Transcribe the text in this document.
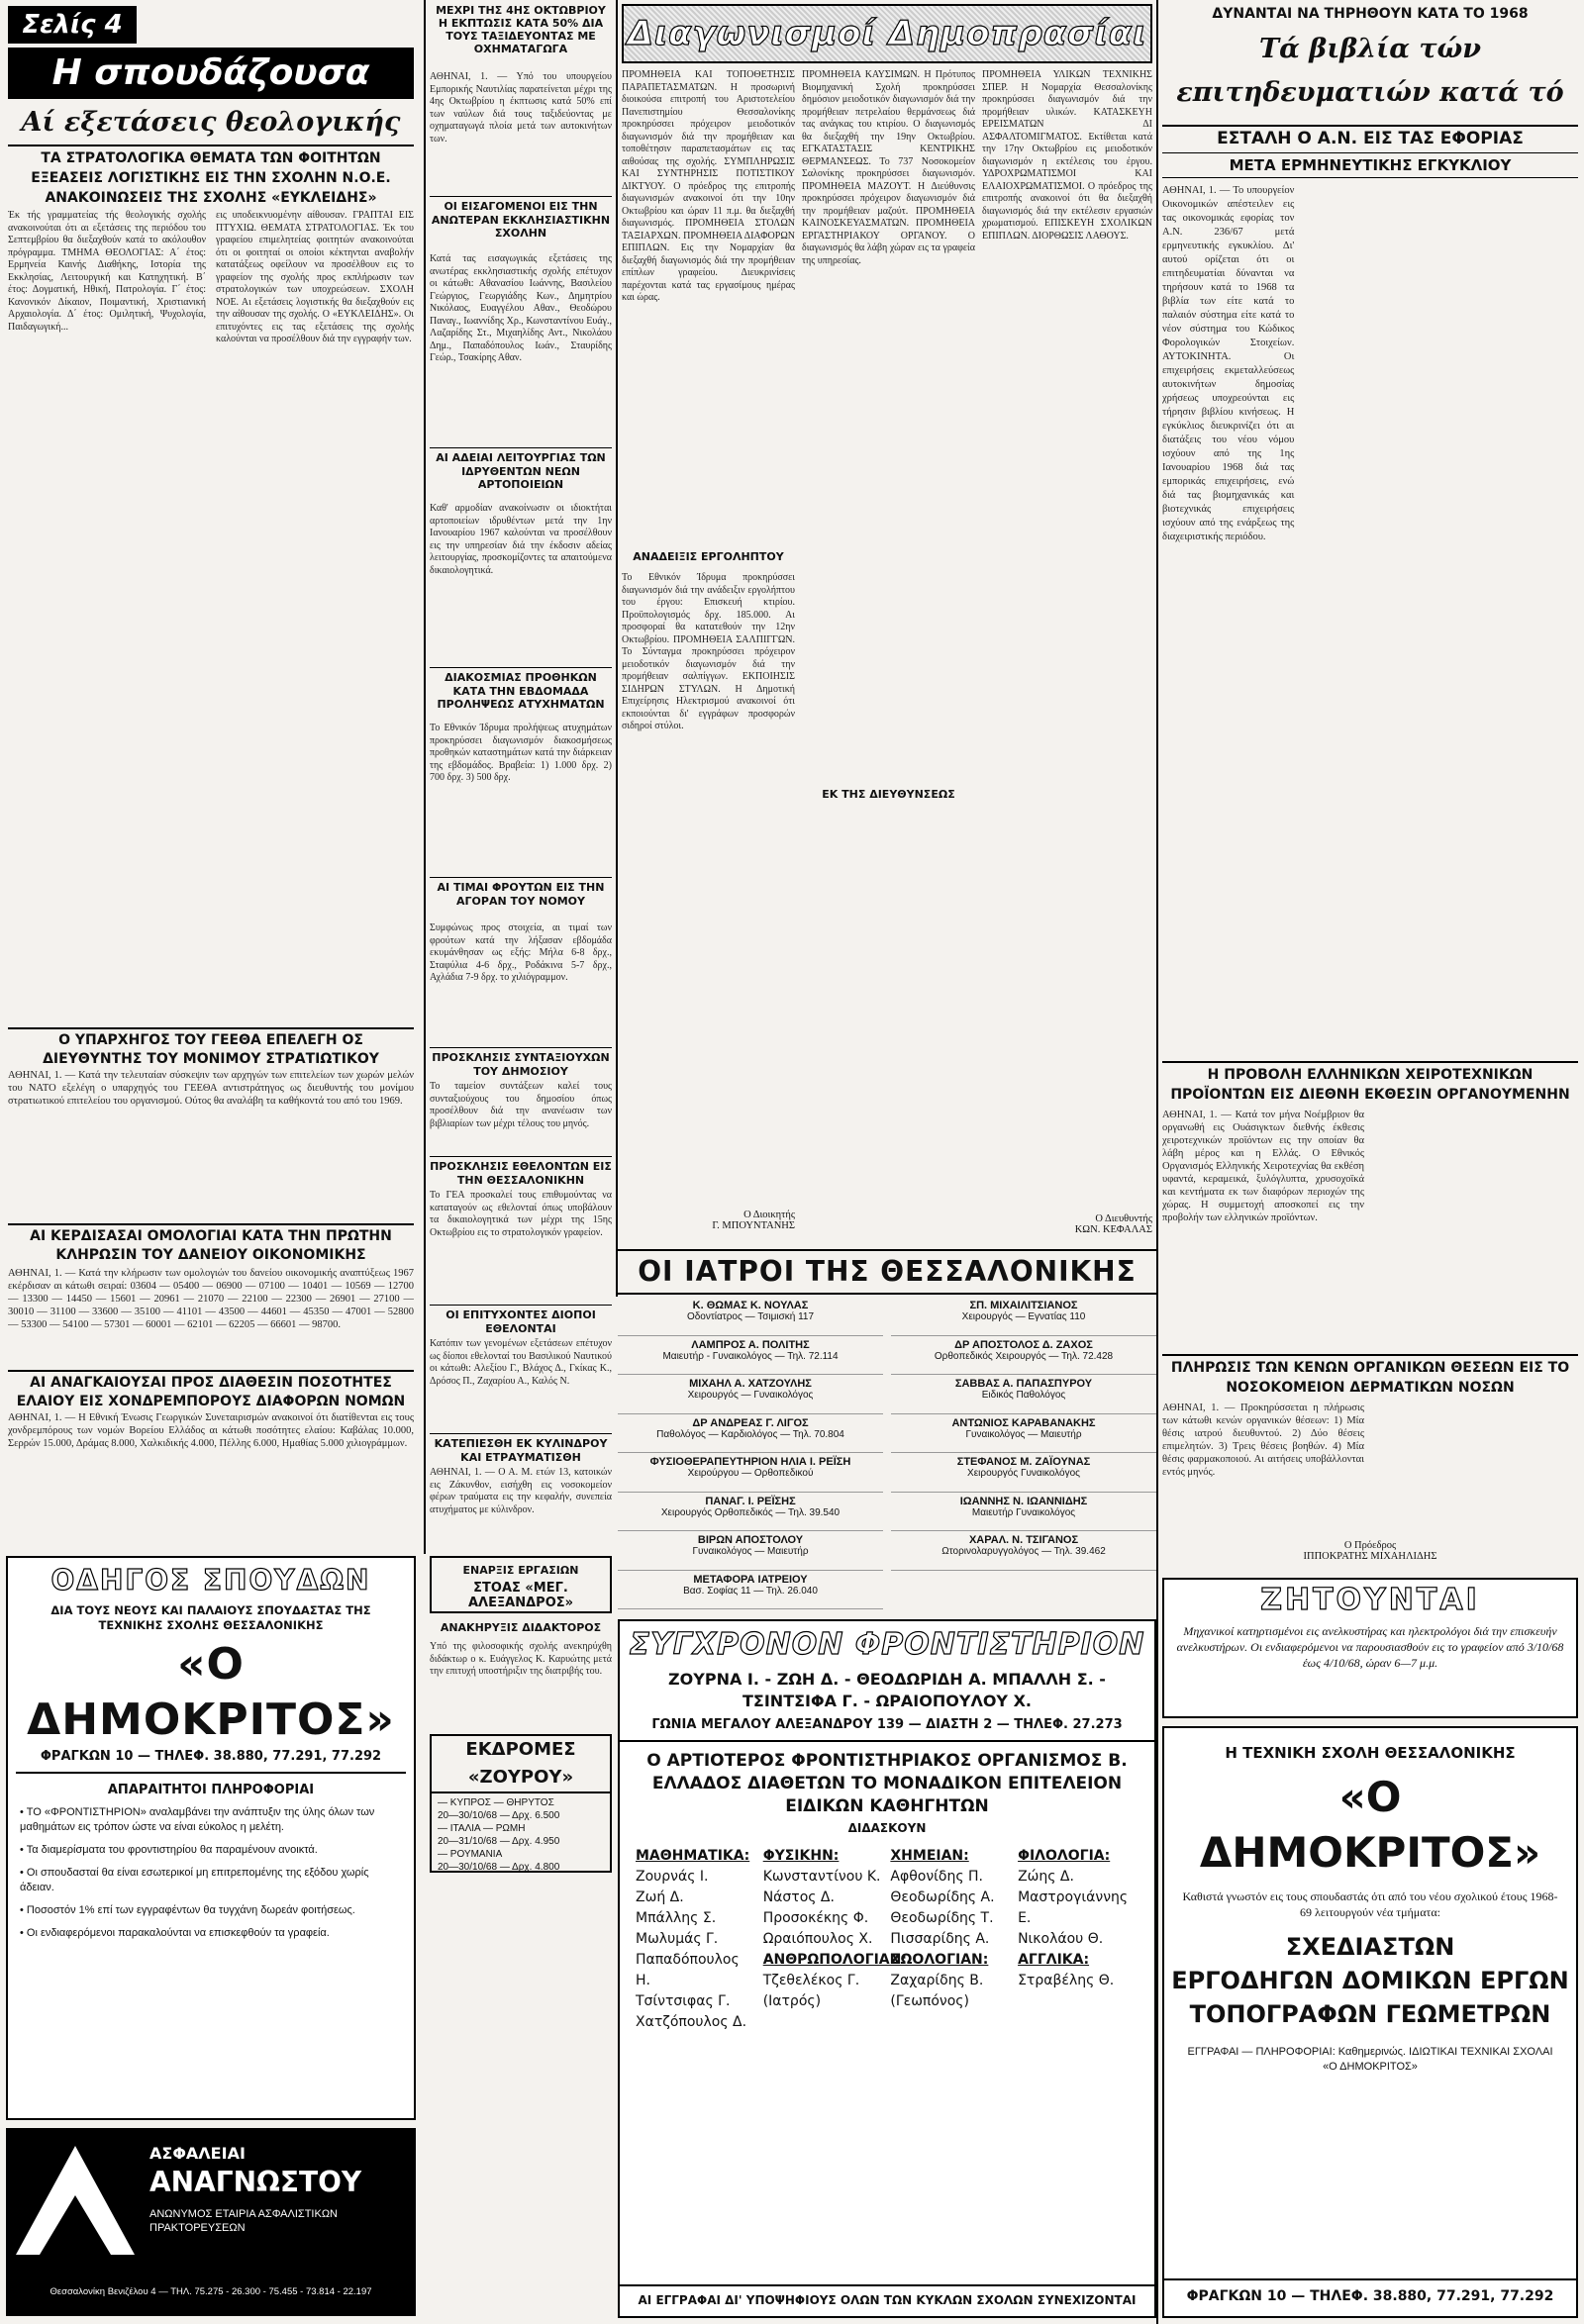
Σελίς 4
Η σπουδάζουσα
Αί εξετάσεις θεολογικής
ΤΑ ΣΤΡΑΤΟΛΟΓΙΚΑ ΘΕΜΑΤΑ ΤΩΝ ΦΟΙΤΗΤΩΝ ΕΞΕΑΣΕΙΣ ΛΟΓΙΣΤΙΚΗΣ ΕΙΣ ΤΗΝ ΣΧΟΛΗΝ Ν.Ο.Ε. ΑΝΑΚΟΙΝΩΣΕΙΣ ΤΗΣ ΣΧΟΛΗΣ «ΕΥΚΛΕΙΔΗΣ»
Έκ τής γραμματείας τής θεολογικής σχολής ανακοινούται ότι αι εξετάσεις της περιόδου του Σεπτεμβρίου θα διεξαχθούν κατά το ακόλουθον πρόγραμμα. ΤΜΗΜΑ ΘΕΟΛΟΓΙΑΣ: Α΄ έτος: Ερμηνεία Καινής Διαθήκης, Ιστορία της Εκκλησίας, Λειτουργική και Κατηχητική. Β΄ έτος: Δογματική, Ηθική, Πατρολογία. Γ΄ έτος: Κανονικόν Δίκαιον, Ποιμαντική, Χριστιανική Αρχαιολογία. Δ΄ έτος: Ομιλητική, Ψυχολογία, Παιδαγωγική...
εις υποδεικνυομένην αίθουσαν. ΓΡΑΠΤΑΙ ΕΙΣ ΠΤΥΧΙΩ. ΘΕΜΑΤΑ ΣΤΡΑΤΟΛΟΓΙΑΣ. Έκ του γραφείου επιμελητείας φοιτητών ανακοινούται ότι οι φοιτηταί οι οποίοι κέκτηνται αναβολήν κατατάξεως οφείλουν να προσέλθουν εις το γραφείον της σχολής προς εκπλήρωσιν των στρατολογικών των υποχρεώσεων. ΣΧΟΛΗ ΝΟΕ. Αι εξετάσεις λογιστικής θα διεξαχθούν εις την αίθουσαν της σχολής. Ο «ΕΥΚΛΕΙΔΗΣ». Οι επιτυχόντες εις τας εξετάσεις της σχολής καλούνται να προσέλθουν διά την εγγραφήν των.
Ο ΥΠΑΡΧΗΓΟΣ ΤΟΥ ΓΕΕΘΑ ΕΠΕΛΕΓΗ ΟΣ ΔΙΕΥΘΥΝΤΗΣ ΤΟΥ ΜΟΝΙΜΟΥ ΣΤΡΑΤΙΩΤΙΚΟΥ
ΑΘΗΝΑΙ, 1. — Κατά την τελευταίαν σύσκεψιν των αρχηγών των επιτελείων των χωρών μελών του ΝΑΤΟ εξελέγη ο υπαρχηγός του ΓΕΕΘΑ αντιστράτηγος ως διευθυντής του μονίμου στρατιωτικού επιτελείου του οργανισμού. Ούτος θα αναλάβη τα καθήκοντά του από του 1969.
ΑΙ ΚΕΡΔΙΣΑΣΑΙ ΟΜΟΛΟΓΙΑΙ ΚΑΤΑ ΤΗΝ ΠΡΩΤΗΝ ΚΛΗΡΩΣΙΝ ΤΟΥ ΔΑΝΕΙΟΥ ΟΙΚΟΝΟΜΙΚΗΣ
ΑΘΗΝΑΙ, 1. — Κατά την κλήρωσιν των ομολογιών του δανείου οικονομικής αναπτύξεως 1967 εκέρδισαν αι κάτωθι σειραί: 03604 — 05400 — 06900 — 07100 — 10401 — 10569 — 12700 — 13300 — 14450 — 15601 — 20961 — 21070 — 22100 — 22300 — 26901 — 27100 — 30010 — 31100 — 33600 — 35100 — 41101 — 43500 — 44601 — 45350 — 47001 — 52800 — 53300 — 54100 — 57301 — 60001 — 62101 — 62205 — 66601 — 98700.
ΑΙ ΑΝΑΓΚΑΙΟΥΣΑΙ ΠΡΟΣ ΔΙΑΘΕΣΙΝ ΠΟΣΟΤΗΤΕΣ ΕΛΑΙΟΥ ΕΙΣ ΧΟΝΔΡΕΜΠΟΡΟΥΣ ΔΙΑΦΟΡΩΝ ΝΟΜΩΝ
ΑΘΗΝΑΙ, 1. — Η Εθνική Ένωσις Γεωργικών Συνεταιρισμών ανακοινοί ότι διατίθενται εις τους χονδρεμπόρους των νομών Βορείου Ελλάδος αι κάτωθι ποσότητες ελαίου: Καβάλας 10.000, Σερρών 15.000, Δράμας 8.000, Χαλκιδικής 4.000, Πέλλης 6.000, Ημαθίας 5.000 χιλιογράμμων.
ΟΔΗΓΟΣ ΣΠΟΥΔΩΝ
ΔΙΑ ΤΟΥΣ ΝΕΟΥΣ ΚΑΙ ΠΑΛΑΙΟΥΣ ΣΠΟΥΔΑΣΤΑΣ ΤΗΣ ΤΕΧΝΙΚΗΣ ΣΧΟΛΗΣ ΘΕΣΣΑΛΟΝΙΚΗΣ
«Ο ΔΗΜΟΚΡΙΤΟΣ»
ΦΡΑΓΚΩΝ 10 — ΤΗΛΕΦ. 38.880, 77.291, 77.292
ΑΠΑΡΑΙΤΗΤΟΙ ΠΛΗΡΟΦΟΡΙΑΙ
• ΤΟ «ΦΡΟΝΤΙΣΤΗΡΙΟΝ» αναλαμβάνει την ανάπτυξιν της ύλης όλων των μαθημάτων εις τρόπον ώστε να είναι εύκολος η μελέτη.
• Τα διαμερίσματα του φροντιστηρίου θα παραμένουν ανοικτά.
• Οι σπουδασταί θα είναι εσωτερικοί μη επιτρεπομένης της εξόδου χωρίς άδειαν.
• Ποσοστόν 1% επί των εγγραφέντων θα τυγχάνη δωρεάν φοιτήσεως.
• Οι ενδιαφερόμενοι παρακαλούνται να επισκεφθούν τα γραφεία.
ΑΣΦΑΛΕΙΑΙ
ΑΝΑΓΝΩΣΤΟΥ
ΑΝΩΝΥΜΟΣ ΕΤΑΙΡΙΑ ΑΣΦΑΛΙΣΤΙΚΩΝ ΠΡΑΚΤΟΡΕΥΣΕΩΝ
Θεσσαλονίκη Βενιζέλου 4 — ΤΗΛ. 75.275 - 26.300 - 75.455 - 73.814 - 22.197
ΜΕΧΡΙ ΤΗΣ 4ΗΣ ΟΚΤΩΒΡΙΟΥ Η ΕΚΠΤΩΣΙΣ ΚΑΤΑ 50% ΔΙΑ ΤΟΥΣ ΤΑΞΙΔΕΥΟΝΤΑΣ ΜΕ ΟΧΗΜΑΤΑΓΩΓΑ
ΑΘΗΝΑΙ, 1. — Υπό του υπουργείου Εμπορικής Ναυτιλίας παρατείνεται μέχρι της 4ης Οκτωβρίου η έκπτωσις κατά 50% επί των ναύλων διά τους ταξιδεύοντας με οχηματαγωγά πλοία μετά των αυτοκινήτων των.
ΟΙ ΕΙΣΑΓΟΜΕΝΟΙ ΕΙΣ ΤΗΝ ΑΝΩΤΕΡΑΝ ΕΚΚΛΗΣΙΑΣΤΙΚΗΝ ΣΧΟΛΗΝ
Κατά τας εισαγωγικάς εξετάσεις της ανωτέρας εκκλησιαστικής σχολής επέτυχον οι κάτωθι: Αθανασίου Ιωάννης, Βασιλείου Γεώργιος, Γεωργιάδης Κων., Δημητρίου Νικόλαος, Ευαγγέλου Αθαν., Θεοδώρου Παναγ., Ιωαννίδης Χρ., Κωνσταντίνου Ευάγ., Λαζαρίδης Στ., Μιχαηλίδης Αντ., Νικολάου Δημ., Παπαδόπουλος Ιωάν., Σταυρίδης Γεώρ., Τσακίρης Αθαν.
ΑΙ ΑΔΕΙΑΙ ΛΕΙΤΟΥΡΓΙΑΣ ΤΩΝ ΙΔΡΥΘΕΝΤΩΝ ΝΕΩΝ ΑΡΤΟΠΟΙΕΙΩΝ
Καθ' αρμοδίαν ανακοίνωσιν οι ιδιοκτήται αρτοποιείων ιδρυθέντων μετά την 1ην Ιανουαρίου 1967 καλούνται να προσέλθουν εις την υπηρεσίαν διά την έκδοσιν αδείας λειτουργίας, προσκομίζοντες τα απαιτούμενα δικαιολογητικά.
ΔΙΑΚΟΣΜΙΑΣ ΠΡΟΘΗΚΩΝ ΚΑΤΑ ΤΗΝ ΕΒΔΟΜΑΔΑ ΠΡΟΛΗΨΕΩΣ ΑΤΥΧΗΜΑΤΩΝ
Το Εθνικόν Ίδρυμα προλήψεως ατυχημάτων προκηρύσσει διαγωνισμόν διακοσμήσεως προθηκών καταστημάτων κατά την διάρκειαν της εβδομάδος. Βραβεία: 1) 1.000 δρχ. 2) 700 δρχ. 3) 500 δρχ.
ΑΙ ΤΙΜΑΙ ΦΡΟΥΤΩΝ ΕΙΣ ΤΗΝ ΑΓΟΡΑΝ ΤΟΥ ΝΟΜΟΥ
Συμφώνως προς στοιχεία, αι τιμαί των φρούτων κατά την λήξασαν εβδομάδα εκυμάνθησαν ως εξής: Μήλα 6-8 δρχ., Σταφύλια 4-6 δρχ., Ροδάκινα 5-7 δρχ., Αχλάδια 7-9 δρχ. το χιλιόγραμμον.
ΠΡΟΣΚΛΗΣΙΣ ΣΥΝΤΑΞΙΟΥΧΩΝ ΤΟΥ ΔΗΜΟΣΙΟΥ
Το ταμείον συντάξεων καλεί τους συνταξιούχους του δημοσίου όπως προσέλθουν διά την ανανέωσιν των βιβλιαρίων των μέχρι τέλους του μηνός.
ΠΡΟΣΚΛΗΣΙΣ ΕΘΕΛΟΝΤΩΝ ΕΙΣ ΤΗΝ ΘΕΣΣΑΛΟΝΙΚΗΝ
Το ΓΕΑ προσκαλεί τους επιθυμούντας να καταταγούν ως εθελονταί όπως υποβάλουν τα δικαιολογητικά των μέχρι της 15ης Οκτωβρίου εις το στρατολογικόν γραφείον.
ΟΙ ΕΠΙΤΥΧΟΝΤΕΣ ΔΙΟΠΟΙ ΕΘΕΛΟΝΤΑΙ
Κατόπιν των γενομένων εξετάσεων επέτυχον ως δίοποι εθελονταί του Βασιλικού Ναυτικού οι κάτωθι: Αλεξίου Γ., Βλάχος Δ., Γκίκας Κ., Δρόσος Π., Ζαχαρίου Α., Καλός Ν.
ΚΑΤΕΠΙΕΣΘΗ ΕΚ ΚΥΛΙΝΔΡΟΥ ΚΑΙ ΕΤΡΑΥΜΑΤΙΣΘΗ
ΑΘΗΝΑΙ, 1. — Ο Α. Μ. ετών 13, κατοικών εις Ζάκυνθον, εισήχθη εις νοσοκομείον φέρων τραύματα εις την κεφαλήν, συνεπεία ατυχήματος με κύλινδρον.
ΕΝΑΡΞΙΣ ΕΡΓΑΣΙΩΝ
ΣΤΟΑΣ «ΜΕΓ. ΑΛΕΞΑΝΔΡΟΣ»
ΑΝΑΚΗΡΥΞΙΣ ΔΙΔΑΚΤΟΡΟΣ
Υπό της φιλοσοφικής σχολής ανεκηρύχθη διδάκτωρ ο κ. Ευάγγελος Κ. Καρυώτης μετά την επιτυχή υποστήριξιν της διατριβής του.
ΕΚΔΡΟΜΕΣ «ΖΟΥΡΟΥ»
— ΚΥΠΡΟΣ — ΘΗΡΥΤΟΣ
20—30/10/68 — Δρχ. 6.500
— ΙΤΑΛΙΑ — ΡΩΜΗ
20—31/10/68 — Δρχ. 4.950
— ΡΟΥΜΑΝΙΑ
20—30/10/68 — Δρχ. 4.800
Διαγωνισμοί Δημοπρασίαι
ΠΡΟΜΗΘΕΙΑ ΚΑΙ ΤΟΠΟΘΕΤΗΣΙΣ ΠΑΡΑΠΕΤΑΣΜΑΤΩΝ. Η προσωρινή διοικούσα επιτροπή του Αριστοτελείου Πανεπιστημίου Θεσσαλονίκης προκηρύσσει πρόχειρον μειοδοτικόν διαγωνισμόν διά την προμήθειαν και τοποθέτησιν παραπετασμάτων εις τας αιθούσας της σχολής. ΣΥΜΠΛΗΡΩΣΙΣ ΚΑΙ ΣΥΝΤΗΡΗΣΙΣ ΠΟΤΙΣΤΙΚΟΥ ΔΙΚΤΥΟΥ. Ο πρόεδρος της επιτροπής διαγωνισμών ανακοινοί ότι την 10ην Οκτωβρίου και ώραν 11 π.μ. θα διεξαχθή διαγωνισμός. ΠΡΟΜΗΘΕΙΑ ΣΤΟΛΩΝ ΤΑΞΙΑΡΧΩΝ. ΠΡΟΜΗΘΕΙΑ ΔΙΑΦΟΡΩΝ ΕΠΙΠΛΩΝ. Εις την Νομαρχίαν θα διεξαχθή διαγωνισμός διά την προμήθειαν επίπλων γραφείου. Διευκρινίσεις παρέχονται κατά τας εργασίμους ημέρας και ώρας.
ΑΝΑΔΕΙΞΙΣ ΕΡΓΟΛΗΠΤΟΥ
Το Εθνικόν Ίδρυμα προκηρύσσει διαγωνισμόν διά την ανάδειξιν εργολήπτου του έργου: Επισκευή κτιρίου. Προϋπολογισμός δρχ. 185.000. Αι προσφοραί θα κατατεθούν την 12ην Οκτωβρίου. ΠΡΟΜΗΘΕΙΑ ΣΑΛΠΙΓΓΩΝ. Το Σύνταγμα προκηρύσσει πρόχειρον μειοδοτικόν διαγωνισμόν διά την προμήθειαν σαλπίγγων. ΕΚΠΟΙΗΣΙΣ ΣΙΔΗΡΩΝ ΣΤΥΛΩΝ. Η Δημοτική Επιχείρησις Ηλεκτρισμού ανακοινοί ότι εκποιούνται δι' εγγράφων προσφορών σιδηροί στύλοι.
Ο Διοικητής
Γ. ΜΠΟΥΝΤΑΝΗΣ
ΠΡΟΜΗΘΕΙΑ ΚΑΥΣΙΜΩΝ. Η Πρότυπος Βιομηχανική Σχολή προκηρύσσει δημόσιον μειοδοτικόν διαγωνισμόν διά την προμήθειαν πετρελαίου θερμάνσεως διά τας ανάγκας του κτιρίου. Ο διαγωνισμός θα διεξαχθή την 19ην Οκτωβρίου. ΕΓΚΑΤΑΣΤΑΣΙΣ ΚΕΝΤΡΙΚΗΣ ΘΕΡΜΑΝΣΕΩΣ. Το 737 Νοσοκομείον Σαλονίκης προκηρύσσει διαγωνισμόν. ΠΡΟΜΗΘΕΙΑ ΜΑΖΟΥΤ. Η Διεύθυνσις προκηρύσσει πρόχειρον διαγωνισμόν διά την προμήθειαν μαζούτ. ΠΡΟΜΗΘΕΙΑ ΚΑΙΝΟΣΚΕΥΑΣΜΑΤΩΝ. ΠΡΟΜΗΘΕΙΑ ΕΡΓΑΣΤΗΡΙΑΚΟΥ ΟΡΓΑΝΟΥ. Ο διαγωνισμός θα λάβη χώραν εις τα γραφεία της υπηρεσίας.
ΕΚ ΤΗΣ ΔΙΕΥΘΥΝΣΕΩΣ
ΠΡΟΜΗΘΕΙΑ ΥΛΙΚΩΝ ΤΕΧΝΙΚΗΣ ΣΠΕΡ. Η Νομαρχία Θεσσαλονίκης προκηρύσσει διαγωνισμόν διά την προμήθειαν υλικών. ΚΑΤΑΣΚΕΥΗ ΕΡΕΙΣΜΑΤΩΝ ΔΙ ΑΣΦΑΛΤΟΜΙΓΜΑΤΟΣ. Εκτίθεται κατά την 17ην Οκτωβρίου εις μειοδοτικόν διαγωνισμόν η εκτέλεσις του έργου. ΥΔΡΟΧΡΩΜΑΤΙΣΜΟΙ ΚΑΙ ΕΛΑΙΟΧΡΩΜΑΤΙΣΜΟΙ. Ο πρόεδρος της επιτροπής ανακοινοί ότι θα διεξαχθή διαγωνισμός διά την εκτέλεσιν εργασιών χρωματισμού. ΕΠΙΣΚΕΥΗ ΣΧΟΛΙΚΩΝ ΕΠΙΠΛΩΝ. ΔΙΟΡΘΩΣΙΣ ΛΑΘΟΥΣ.
Ο Διευθυντής
ΚΩΝ. ΚΕΦΑΛΑΣ
ΟΙ ΙΑΤΡΟΙ ΤΗΣ ΘΕΣΣΑΛΟΝΙΚΗΣ
Κ. ΘΩΜΑΣ Κ. ΝΟΥΛΑΣ
Οδοντίατρος — Τσιμισκή 117
ΣΠ. ΜΙΧΑΙΛΙΤΣΙΑΝΟΣ
Χειρουργός — Εγνατίας 110
ΛΑΜΠΡΟΣ Α. ΠΟΛΙΤΗΣ
Μαιευτήρ - Γυναικολόγος — Τηλ. 72.114
ΔΡ ΑΠΟΣΤΟΛΟΣ Δ. ΖΑΧΟΣ
Ορθοπεδικός Χειρουργός — Τηλ. 72.428
ΜΙΧΑΗΛ Α. ΧΑΤΖΟΥΛΗΣ
Χειρουργός — Γυναικολόγος
ΣΑΒΒΑΣ Α. ΠΑΠΑΣΠΥΡΟΥ
Ειδικός Παθολόγος
ΔΡ ΑΝΔΡΕΑΣ Γ. ΛΙΓΟΣ
Παθολόγος — Καρδιολόγος — Τηλ. 70.804
ΑΝΤΩΝΙΟΣ ΚΑΡΑΒΑΝΑΚΗΣ
Γυναικολόγος — Μαιευτήρ
ΦΥΣΙΟΘΕΡΑΠΕΥΤΗΡΙΟΝ ΗΛΙΑ Ι. ΡΕΪΣΗ
Χειρούργου — Ορθοπεδικού
ΣΤΕΦΑΝΟΣ Μ. ΖΑΪΟΥΝΑΣ
Χειρουργός Γυναικολόγος
ΠΑΝΑΓ. Ι. ΡΕΪΣΗΣ
Χειρουργός Ορθοπεδικός — Τηλ. 39.540
ΙΩΑΝΝΗΣ Ν. ΙΩΑΝΝΙΔΗΣ
Μαιευτήρ Γυναικολόγος
ΒΙΡΩΝ ΑΠΟΣΤΟΛΟΥ
Γυναικολόγος — Μαιευτήρ
ΧΑΡΑΛ. Ν. ΤΣΙΓΑΝΟΣ
Ωτορινολαρυγγολόγος — Τηλ. 39.462
ΜΕΤΑΦΟΡΑ ΙΑΤΡΕΙΟΥ
Βασ. Σοφίας 11 — Τηλ. 26.040
ΣΥΓΧΡΟΝΟΝ ΦΡΟΝΤΙΣΤΗΡΙΟΝ
ΖΟΥΡΝΑ Ι. - ΖΩΗ Δ. - ΘΕΟΔΩΡΙΔΗ Α. ΜΠΑΛΛΗ Σ. - ΤΣΙΝΤΣΙΦΑ Γ. - ΩΡΑΙΟΠΟΥΛΟΥ Χ.
ΓΩΝΙΑ ΜΕΓΑΛΟΥ ΑΛΕΞΑΝΔΡΟΥ 139 — ΔΙΑΣΤΗ 2 — ΤΗΛΕΦ. 27.273
Ο ΑΡΤΙΟΤΕΡΟΣ ΦΡΟΝΤΙΣΤΗΡΙΑΚΟΣ ΟΡΓΑΝΙΣΜΟΣ Β. ΕΛΛΑΔΟΣ ΔΙΑΘΕΤΩΝ ΤΟ ΜΟΝΑΔΙΚΟΝ ΕΠΙΤΕΛΕΙΟΝ ΕΙΔΙΚΩΝ ΚΑΘΗΓΗΤΩΝ
ΔΙΔΑΣΚΟΥΝ
ΜΑΘΗΜΑΤΙΚΑ:
Ζουρνάς Ι.
Ζωή Δ.
Μπάλλης Σ.
Μωλυμάς Γ.
Παπαδόπουλος Η.
Τσίντσιφας Γ.
Χατζόπουλος Δ.
ΦΥΣΙΚΗΝ:
Κωνσταντίνου Κ.
Νάστος Δ.
Προσοκέκης Φ.
Ωραιόπουλος Χ.
ΑΝΘΡΩΠΟΛΟΓΙΑΝ:
Τζεθελέκος Γ.
(Ιατρός)
ΧΗΜΕΙΑΝ:
Αφθονίδης Π.
Θεοδωρίδης Α.
Θεοδωρίδης Τ.
Πισσαρίδης Α.
ΖΩΟΛΟΓΙΑΝ:
Ζαχαρίδης Β.
(Γεωπόνος)
ΦΙΛΟΛΟΓΙΑ:
Ζώης Δ.
Μαστρογιάννης Ε.
Νικολάου Θ.
ΑΓΓΛΙΚΑ:
Στραβέλης Θ.
ΑΙ ΕΓΓΡΑΦΑΙ ΔΙ' ΥΠΟΨΗΦΙΟΥΣ ΟΛΩΝ ΤΩΝ ΚΥΚΛΩΝ ΣΧΟΛΩΝ ΣΥΝΕΧΙΖΟΝΤΑΙ
ΔΥΝΑΝΤΑΙ ΝΑ ΤΗΡΗΘΟΥΝ ΚΑΤΑ ΤΟ 1968
Τά βιβλία τών επιτηδευματιών κατά τό
ΕΣΤΑΛΗ Ο Α.Ν. ΕΙΣ ΤΑΣ ΕΦΟΡΙΑΣ
ΜΕΤΑ ΕΡΜΗΝΕΥΤΙΚΗΣ ΕΓΚΥΚΛΙΟΥ
ΑΘΗΝΑΙ, 1. — Το υπουργείον Οικονομικών απέστειλεν εις τας οικονομικάς εφορίας τον Α.Ν. 236/67 μετά ερμηνευτικής εγκυκλίου. Δι' αυτού ορίζεται ότι οι επιτηδευματίαι δύνανται να τηρήσουν κατά το 1968 τα βιβλία των είτε κατά το παλαιόν σύστημα είτε κατά το νέον σύστημα του Κώδικος Φορολογικών Στοιχείων. ΑΥΤΟΚΙΝΗΤΑ. Οι επιχειρήσεις εκμεταλλεύσεως αυτοκινήτων δημοσίας χρήσεως υποχρεούνται εις τήρησιν βιβλίου κινήσεως. Η εγκύκλιος διευκρινίζει ότι αι διατάξεις του νέου νόμου ισχύουν από της 1ης Ιανουαρίου 1968 διά τας εμπορικάς επιχειρήσεις, ενώ διά τας βιομηχανικάς και βιοτεχνικάς επιχειρήσεις ισχύουν από της ενάρξεως της διαχειριστικής περιόδου.
Η ΠΡΟΒΟΛΗ ΕΛΛΗΝΙΚΩΝ ΧΕΙΡΟΤΕΧΝΙΚΩΝ ΠΡΟΪΟΝΤΩΝ ΕΙΣ ΔΙΕΘΝΗ ΕΚΘΕΣΙΝ ΟΡΓΑΝΟΥΜΕΝΗΝ
ΑΘΗΝΑΙ, 1. — Κατά τον μήνα Νοέμβριον θα οργανωθή εις Ουάσιγκτων διεθνής έκθεσις χειροτεχνικών προϊόντων εις την οποίαν θα λάβη μέρος και η Ελλάς. Ο Εθνικός Οργανισμός Ελληνικής Χειροτεχνίας θα εκθέση υφαντά, κεραμεικά, ξυλόγλυπτα, χρυσοχοϊκά και κεντήματα εκ των διαφόρων περιοχών της χώρας. Η συμμετοχή αποσκοπεί εις την προβολήν των ελληνικών προϊόντων.
ΠΛΗΡΩΣΙΣ ΤΩΝ ΚΕΝΩΝ ΟΡΓΑΝΙΚΩΝ ΘΕΣΕΩΝ ΕΙΣ ΤΟ ΝΟΣΟΚΟΜΕΙΟΝ ΔΕΡΜΑΤΙΚΩΝ ΝΟΣΩΝ
ΑΘΗΝΑΙ, 1. — Προκηρύσσεται η πλήρωσις των κάτωθι κενών οργανικών θέσεων: 1) Μία θέσις ιατρού διευθυντού. 2) Δύο θέσεις επιμελητών. 3) Τρεις θέσεις βοηθών. 4) Μία θέσις φαρμακοποιού. Αι αιτήσεις υποβάλλονται εντός μηνός.
Ο Πρόεδρος
ΙΠΠΟΚΡΑΤΗΣ ΜΙΧΑΗΛΙΔΗΣ
ΖΗΤΟΥΝΤΑΙ
Μηχανικοί κατηρτισμένοι εις ανελκυστήρας και ηλεκτρολόγοι διά την επισκευήν ανελκυστήρων. Οι ενδιαφερόμενοι να παρουσιασθούν εις το γραφείον από 3/10/68 έως 4/10/68, ώραν 6—7 μ.μ.
Η ΤΕΧΝΙΚΗ ΣΧΟΛΗ ΘΕΣΣΑΛΟΝΙΚΗΣ
«Ο ΔΗΜΟΚΡΙΤΟΣ»
Καθιστά γνωστόν εις τους σπουδαστάς ότι από του νέου σχολικού έτους 1968-69 λειτουργούν νέα τμήματα:
ΣΧΕΔΙΑΣΤΩΝ
ΕΡΓΟΔΗΓΩΝ ΔΟΜΙΚΩΝ ΕΡΓΩΝ
ΤΟΠΟΓΡΑΦΩΝ ΓΕΩΜΕΤΡΩΝ
ΕΓΓΡΑΦΑΙ — ΠΛΗΡΟΦΟΡΙΑΙ: Καθημερινώς. ΙΔΙΩΤΙΚΑΙ ΤΕΧΝΙΚΑΙ ΣΧΟΛΑΙ «Ο ΔΗΜΟΚΡΙΤΟΣ»
ΦΡΑΓΚΩΝ 10 — ΤΗΛΕΦ. 38.880, 77.291, 77.292
